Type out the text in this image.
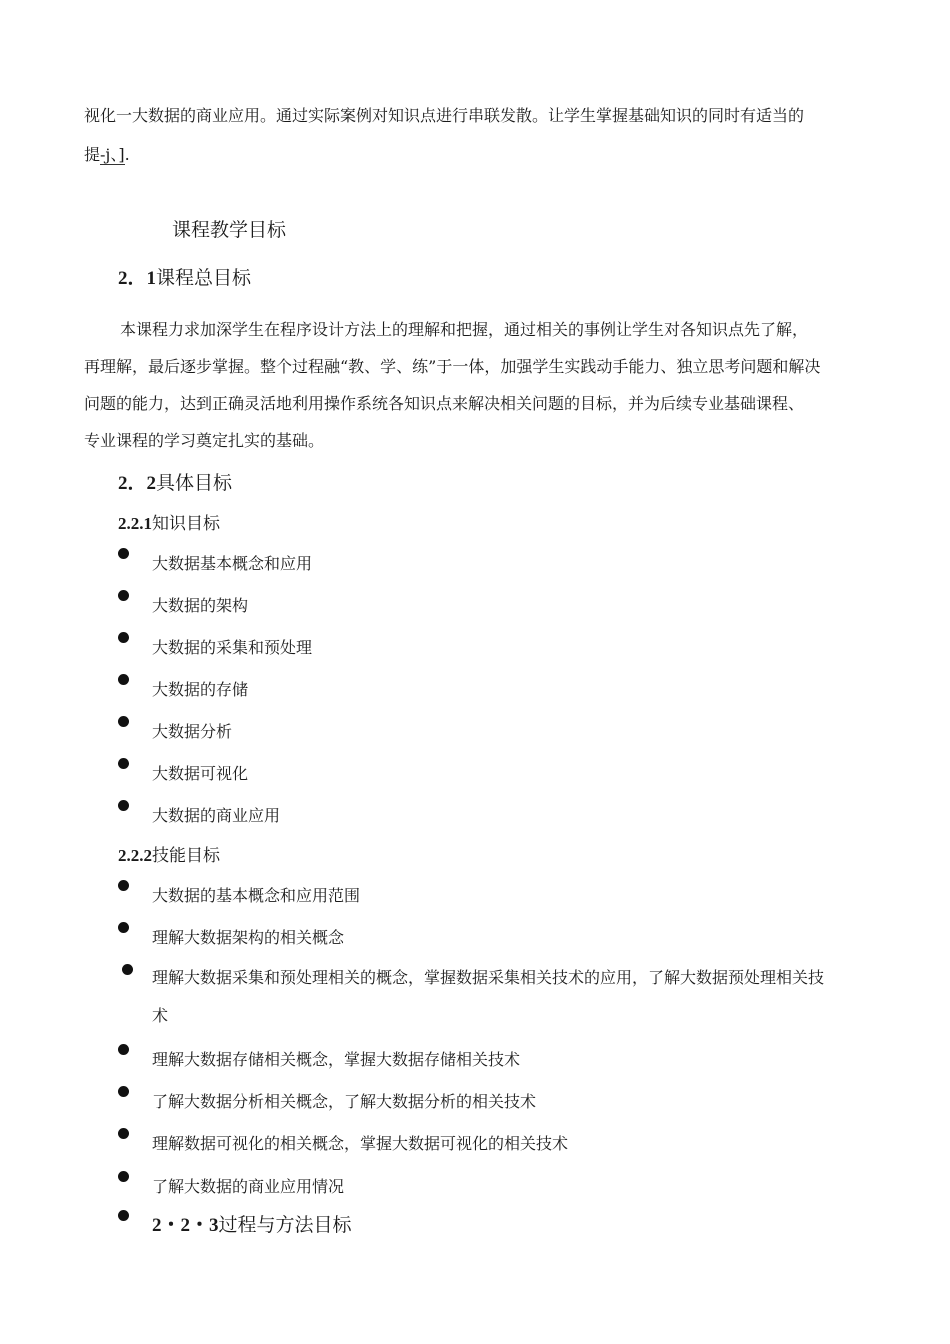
视化一大数据的商业应用。通过实际案例对知识点进行串联发散。让学生掌握基础知识的同时有适当的
提-j、].
课程教学目标
2．1课程总目标
本课程力求加深学生在程序设计方法上的理解和把握，通过相关的事例让学生对各知识点先了解，
再理解，最后逐步掌握。整个过程融“教、学、练”于一体，加强学生实践动手能力、独立思考问题和解决
问题的能力，达到正确灵活地利用操作系统各知识点来解决相关问题的目标，并为后续专业基础课程、
专业课程的学习奠定扎实的基础。
2．2具体目标
2.2.1知识目标
大数据基本概念和应用
大数据的架构
大数据的采集和预处理
大数据的存储
大数据分析
大数据可视化
大数据的商业应用
2.2.2技能目标
大数据的基本概念和应用范围
理解大数据架构的相关概念
理解大数据采集和预处理相关的概念，掌握数据采集相关技术的应用，了解大数据预处理相关技
术
理解大数据存储相关概念，掌握大数据存储相关技术
了解大数据分析相关概念，了解大数据分析的相关技术
理解数据可视化的相关概念，掌握大数据可视化的相关技术
了解大数据的商业应用情况
2・2・3过程与方法目标
